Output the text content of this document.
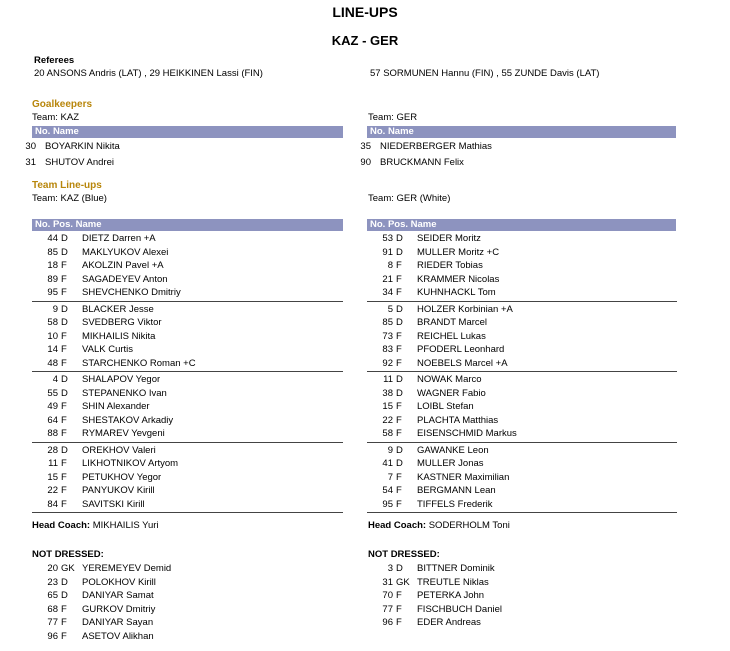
LINE-UPS
KAZ - GER
Referees
20 ANSONS Andris (LAT) , 29 HEIKKINEN Lassi (FIN)	57 SORMUNEN Hannu (FIN) , 55 ZUNDE Davis (LAT)
Goalkeepers
Team: KAZ	Team: GER
No. Name	No. Name
30 BOYARKIN Nikita
31 SHUTOV Andrei
35 NIEDERBERGER Mathias
90 BRUCKMANN Felix
Team Line-ups
Team: KAZ (Blue)	Team: GER (White)
No. Pos. Name	No. Pos. Name
44 D DIETZ Darren +A
85 D MAKLYUKOV Alexei
18 F AKOLZIN Pavel +A
89 F SAGADEYEV Anton
95 F SHEVCHENKO Dmitriy
9 D BLACKER Jesse
58 D SVEDBERG Viktor
10 F MIKHAILIS Nikita
14 F VALK Curtis
48 F STARCHENKO Roman +C
4 D SHALAPOV Yegor
55 D STEPANENKO Ivan
49 F SHIN Alexander
64 F SHESTAKOV Arkadiy
88 F RYMAREV Yevgeni
28 D OREKHOV Valeri
11 F LIKHOTNIKOV Artyom
15 F PETUKHOV Yegor
22 F PANYUKOV Kirill
84 F SAVITSKI Kirill
53 D SEIDER Moritz
91 D MULLER Moritz +C
8 F RIEDER Tobias
21 F KRAMMER Nicolas
34 F KUHNHACKL Tom
5 D HOLZER Korbinian +A
85 D BRANDT Marcel
73 F REICHEL Lukas
83 F PFODERL Leonhard
92 F NOEBELS Marcel +A
11 D NOWAK Marco
38 D WAGNER Fabio
15 F LOIBL Stefan
22 F PLACHTA Matthias
58 F EISENSCHMID Markus
9 D GAWANKE Leon
41 D MULLER Jonas
7 F KASTNER Maximilian
54 F BERGMANN Lean
95 F TIFFELS Frederik
Head Coach: MIKHAILIS Yuri	Head Coach: SODERHOLM Toni
NOT DRESSED:	NOT DRESSED:
20 GK YEREMEYEV Demid
23 D POLOKHOV Kirill
65 D DANIYAR Samat
68 F GURKOV Dmitriy
77 F DANIYAR Sayan
96 F ASETOV Alikhan
3 D BITTNER Dominik
31 GK TREUTLE Niklas
70 F PETERKA John
77 F FISCHBUCH Daniel
96 F EDER Andreas
